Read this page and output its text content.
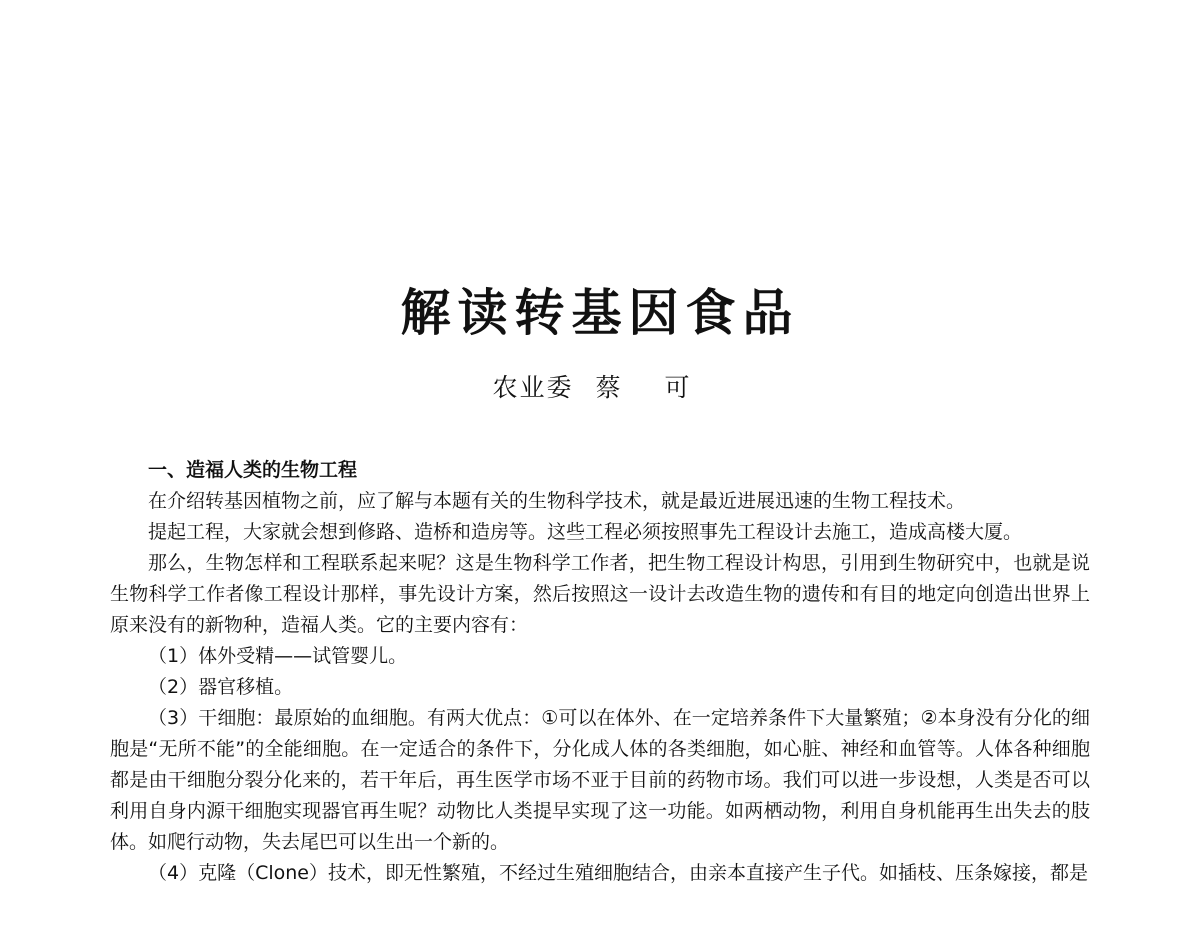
解读转基因食品
农业委 蔡 可
一、造福人类的生物工程

在介绍转基因植物之前，应了解与本题有关的生物科学技术，就是最近进展迅速的生物工程技术。

提起工程，大家就会想到修路、造桥和造房等。这些工程必须按照事先工程设计去施工，造成高楼大厦。

那么，生物怎样和工程联系起来呢？这是生物科学工作者，把生物工程设计构思，引用到生物研究中，也就是说生物科学工作者像工程设计那样，事先设计方案，然后按照这一设计去改造生物的遗传和有目的地定向创造出世界上原来没有的新物种，造福人类。它的主要内容有：

（1）体外受精——试管婴儿。

（2）器官移植。

（3）干细胞：最原始的血细胞。有两大优点：①可以在体外、在一定培养条件下大量繁殖；②本身没有分化的细胞是“无所不能”的全能细胞。在一定适合的条件下，分化成人体的各类细胞，如心脏、神经和血管等。人体各种细胞都是由干细胞分裂分化来的，若干年后，再生医学市场不亚于目前的药物市场。我们可以进一步设想，人类是否可以利用自身内源干细胞实现器官再生呢？动物比人类提早实现了这一功能。如两栖动物，利用自身机能再生出失去的肢体。如爬行动物，失去尾巴可以生出一个新的。

（4）克隆（Clone）技术，即无性繁殖，不经过生殖细胞结合，由亲本直接产生子代。如插枝、压条嫁接，都是
